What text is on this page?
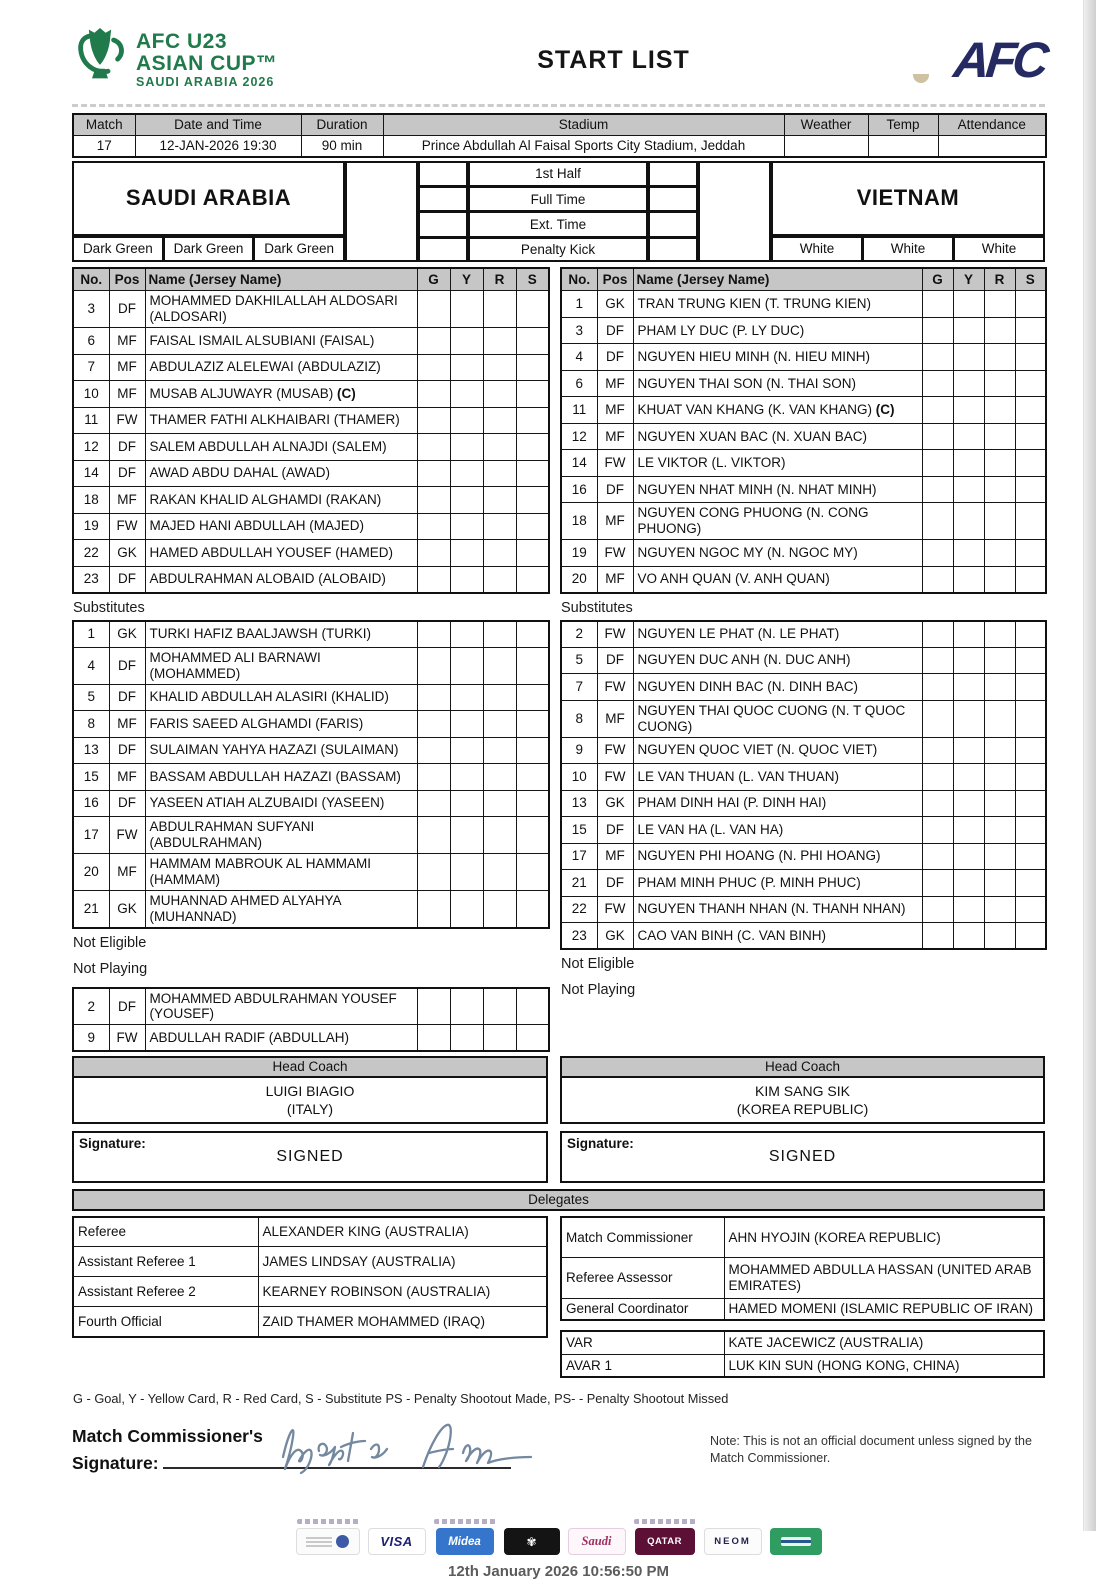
AFC U23
ASIAN CUP™
SAUDI ARABIA 2026
START LIST	AFC
Match	Date and Time	Duration	Stadium	Weather	Temp	Attendance
17	12-JAN-2026 19:30	90 min	Prince Abdullah Al Faisal Sports City Stadium, Jeddah			
SAUDI ARABIA
Dark Green	Dark Green	Dark Green
1st Half
Full Time
Ext. Time
Penalty Kick
VIETNAM
White	White	White
No.	Pos	Name (Jersey Name)	G	Y	R	S
3	DF	MOHAMMED DAKHILALLAH ALDOSARI (ALDOSARI)				
6	MF	FAISAL ISMAIL ALSUBIANI (FAISAL)				
7	MF	ABDULAZIZ ALELEWAI (ABDULAZIZ)				
10	MF	MUSAB ALJUWAYR (MUSAB) (C)				
11	FW	THAMER FATHI ALKHAIBARI (THAMER)				
12	DF	SALEM ABDULLAH ALNAJDI (SALEM)				
14	DF	AWAD ABDU DAHAL (AWAD)				
18	MF	RAKAN KHALID ALGHAMDI (RAKAN)				
19	FW	MAJED HANI ABDULLAH (MAJED)				
22	GK	HAMED ABDULLAH YOUSEF (HAMED)				
23	DF	ABDULRAHMAN ALOBAID (ALOBAID)				
Substitutes
1	GK	TURKI HAFIZ BAALJAWSH (TURKI)				
4	DF	MOHAMMED ALI BARNAWI (MOHAMMED)				
5	DF	KHALID ABDULLAH ALASIRI (KHALID)				
8	MF	FARIS SAEED ALGHAMDI (FARIS)				
13	DF	SULAIMAN YAHYA HAZAZI (SULAIMAN)				
15	MF	BASSAM ABDULLAH HAZAZI (BASSAM)				
16	DF	YASEEN ATIAH ALZUBAIDI (YASEEN)				
17	FW	ABDULRAHMAN SUFYANI (ABDULRAHMAN)				
20	MF	HAMMAM MABROUK AL HAMMAMI (HAMMAM)				
21	GK	MUHANNAD AHMED ALYAHYA (MUHANNAD)				
Not Eligible
Not Playing
2	DF	MOHAMMED ABDULRAHMAN YOUSEF (YOUSEF)				
9	FW	ABDULLAH RADIF (ABDULLAH)				
Head Coach
LUIGI BIAGIO
(ITALY)
Signature:
SIGNED
No.	Pos	Name (Jersey Name)	G	Y	R	S
1	GK	TRAN TRUNG KIEN (T. TRUNG KIEN)				
3	DF	PHAM LY DUC (P. LY DUC)				
4	DF	NGUYEN HIEU MINH (N. HIEU MINH)				
6	MF	NGUYEN THAI SON (N. THAI SON)				
11	MF	KHUAT VAN KHANG (K. VAN KHANG) (C)				
12	MF	NGUYEN XUAN BAC (N. XUAN BAC)				
14	FW	LE VIKTOR (L. VIKTOR)				
16	DF	NGUYEN NHAT MINH (N. NHAT MINH)				
18	MF	NGUYEN CONG PHUONG (N. CONG PHUONG)				
19	FW	NGUYEN NGOC MY (N. NGOC MY)				
20	MF	VO ANH QUAN (V. ANH QUAN)				
Substitutes
2	FW	NGUYEN LE PHAT (N. LE PHAT)				
5	DF	NGUYEN DUC ANH (N. DUC ANH)				
7	FW	NGUYEN DINH BAC (N. DINH BAC)				
8	MF	NGUYEN THAI QUOC CUONG (N. T QUOC CUONG)				
9	FW	NGUYEN QUOC VIET (N. QUOC VIET)				
10	FW	LE VAN THUAN (L. VAN THUAN)				
13	GK	PHAM DINH HAI (P. DINH HAI)				
15	DF	LE VAN HA (L. VAN HA)				
17	MF	NGUYEN PHI HOANG (N. PHI HOANG)				
21	DF	PHAM MINH PHUC (P. MINH PHUC)				
22	FW	NGUYEN THANH NHAN (N. THANH NHAN)				
23	GK	CAO VAN BINH (C. VAN BINH)				
Not Eligible
Not Playing
Head Coach
KIM SANG SIK
(KOREA REPUBLIC)
Signature:
SIGNED
Delegates
Referee	ALEXANDER KING (AUSTRALIA)
Assistant Referee 1	JAMES LINDSAY (AUSTRALIA)
Assistant Referee 2	KEARNEY ROBINSON (AUSTRALIA)
Fourth Official	ZAID THAMER MOHAMMED (IRAQ)
Match Commissioner	AHN HYOJIN (KOREA REPUBLIC)
Referee Assessor	MOHAMMED ABDULLA HASSAN (UNITED ARAB EMIRATES)
General Coordinator	HAMED MOMENI (ISLAMIC REPUBLIC OF IRAN)
VAR	KATE JACEWICZ (AUSTRALIA)
AVAR 1	LUK KIN SUN (HONG KONG, CHINA)
G - Goal, Y - Yellow Card, R - Red Card, S - Substitute PS - Penalty Shootout Made, PS- - Penalty Shootout Missed
Match Commissioner's
Signature:
Note: This is not an official document unless signed by the Match Commissioner.
VISA	Midea	✾	Saudi	QATAR	NEOM
12th January 2026 10:56:50 PM
